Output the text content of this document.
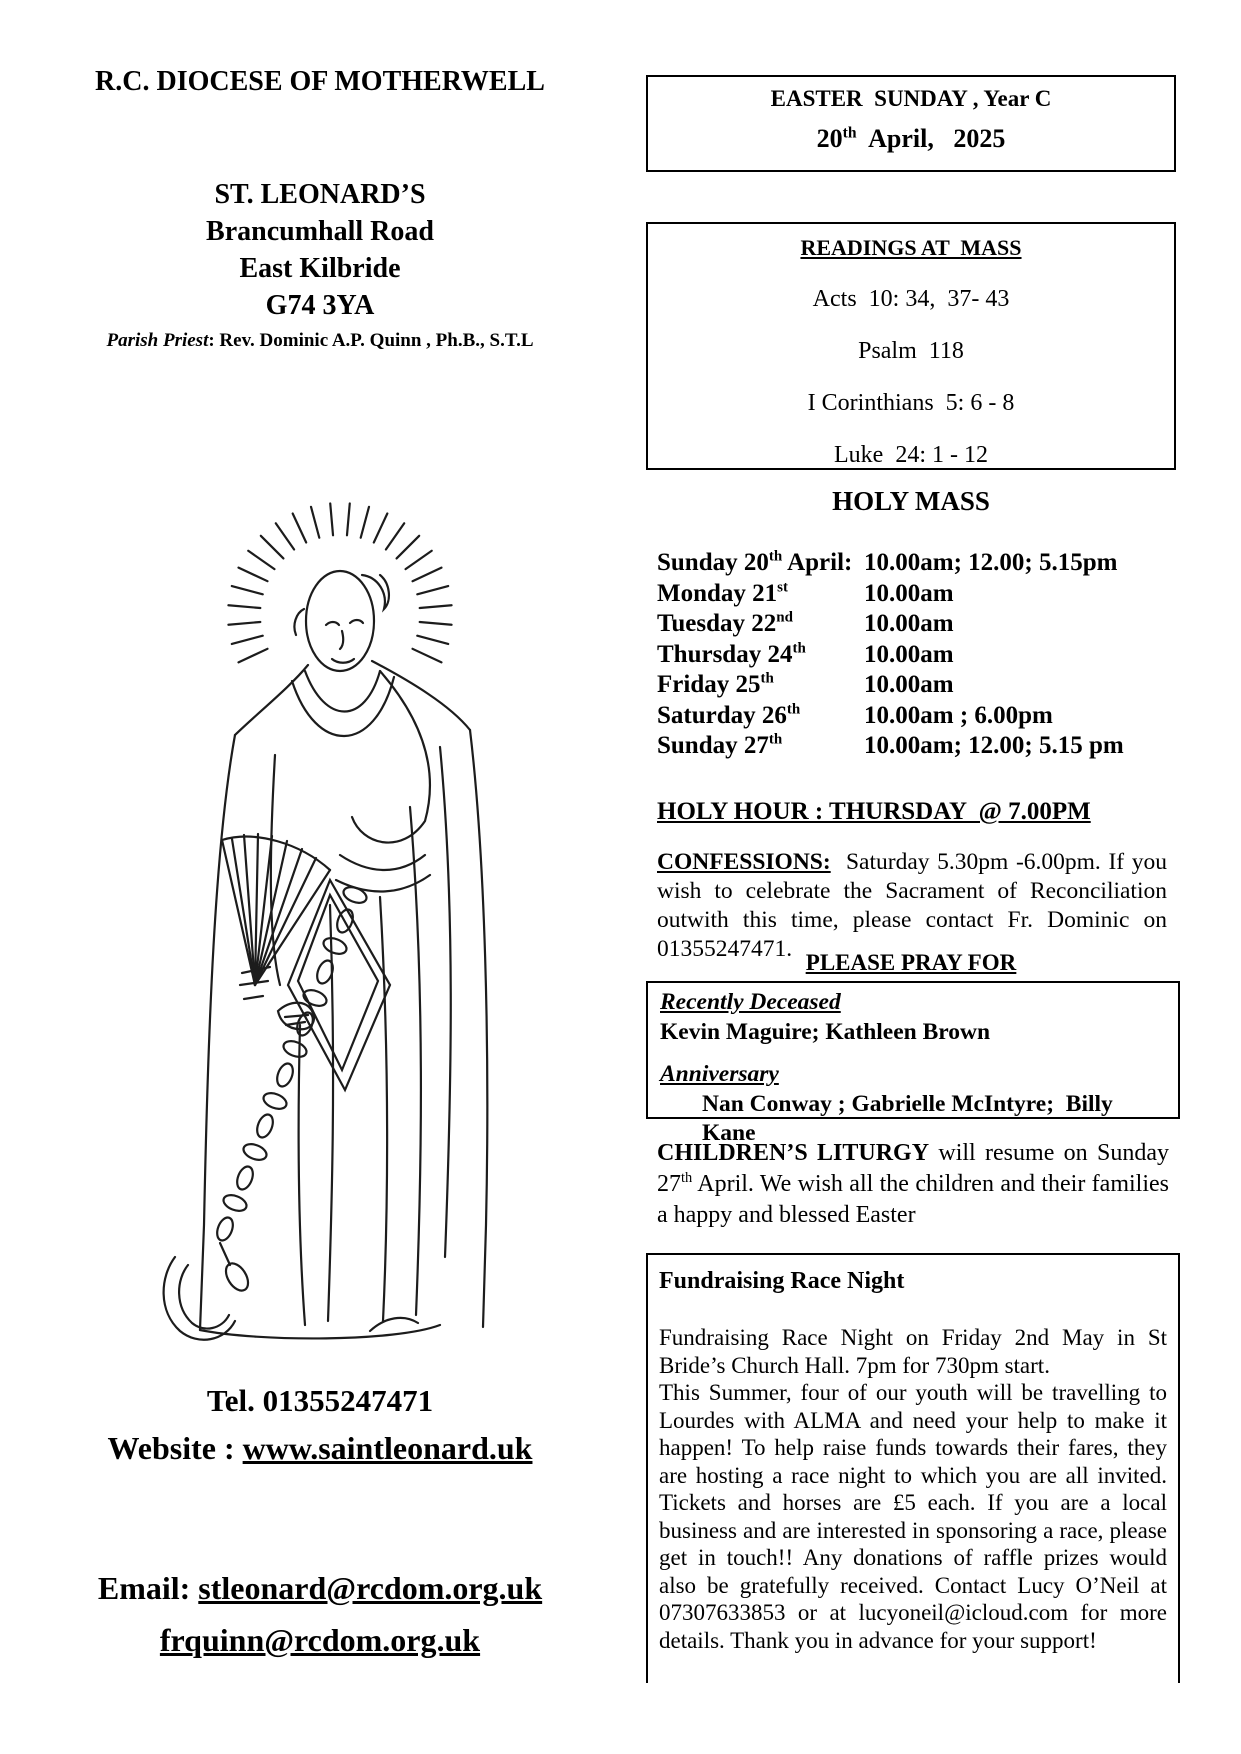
R.C. DIOCESE OF MOTHERWELL
ST. LEONARD’S
Brancumhall Road
East Kilbride
G74 3YA
Parish Priest: Rev. Dominic A.P. Quinn , Ph.B., S.T.L
Tel. 01355247471
Website : www.saintleonard.uk
Email: stleonard@rcdom.org.uk
frquinn@rcdom.org.uk
EASTER  SUNDAY , Year C
20th  April,   2025
READINGS AT  MASS
Acts  10: 34,  37- 43
Psalm  118
I Corinthians  5: 6 - 8
Luke  24: 1 - 12
HOLY MASS
Sunday 20th April: 10.00am; 12.00; 5.15pm
Monday 21st	10.00am
Tuesday 22nd	10.00am
Thursday 24th	10.00am
Friday 25th	10.00am
Saturday 26th	10.00am ; 6.00pm
Sunday 27th	10.00am; 12.00; 5.15 pm
HOLY HOUR : THURSDAY  @ 7.00PM
CONFESSIONS:  Saturday 5.30pm -6.00pm. If you wish to celebrate the Sacrament of Reconciliation outwith this time, please contact Fr. Dominic on 01355247471.
PLEASE PRAY FOR
Recently Deceased
Kevin Maguire; Kathleen Brown
Anniversary
Nan Conway ; Gabrielle McIntyre;  Billy Kane
CHILDREN’S LITURGY will resume on Sunday 27th April. We wish all the children and their families a happy and blessed Easter
Fundraising Race Night

Fundraising Race Night on Friday 2nd May in St Bride’s Church Hall. 7pm for 730pm start.

This Summer, four of our youth will be travelling to Lourdes with ALMA and need your help to make it happen! To help raise funds towards their fares, they are hosting a race night to which you are all invited. Tickets and horses are £5 each. If you are a local business and are interested in sponsoring a race, please get in touch!! Any donations of raffle prizes would also be gratefully received. Contact Lucy O’Neil at 07307633853 or at lucyoneil@icloud.com for more details. Thank you in advance for your support!
